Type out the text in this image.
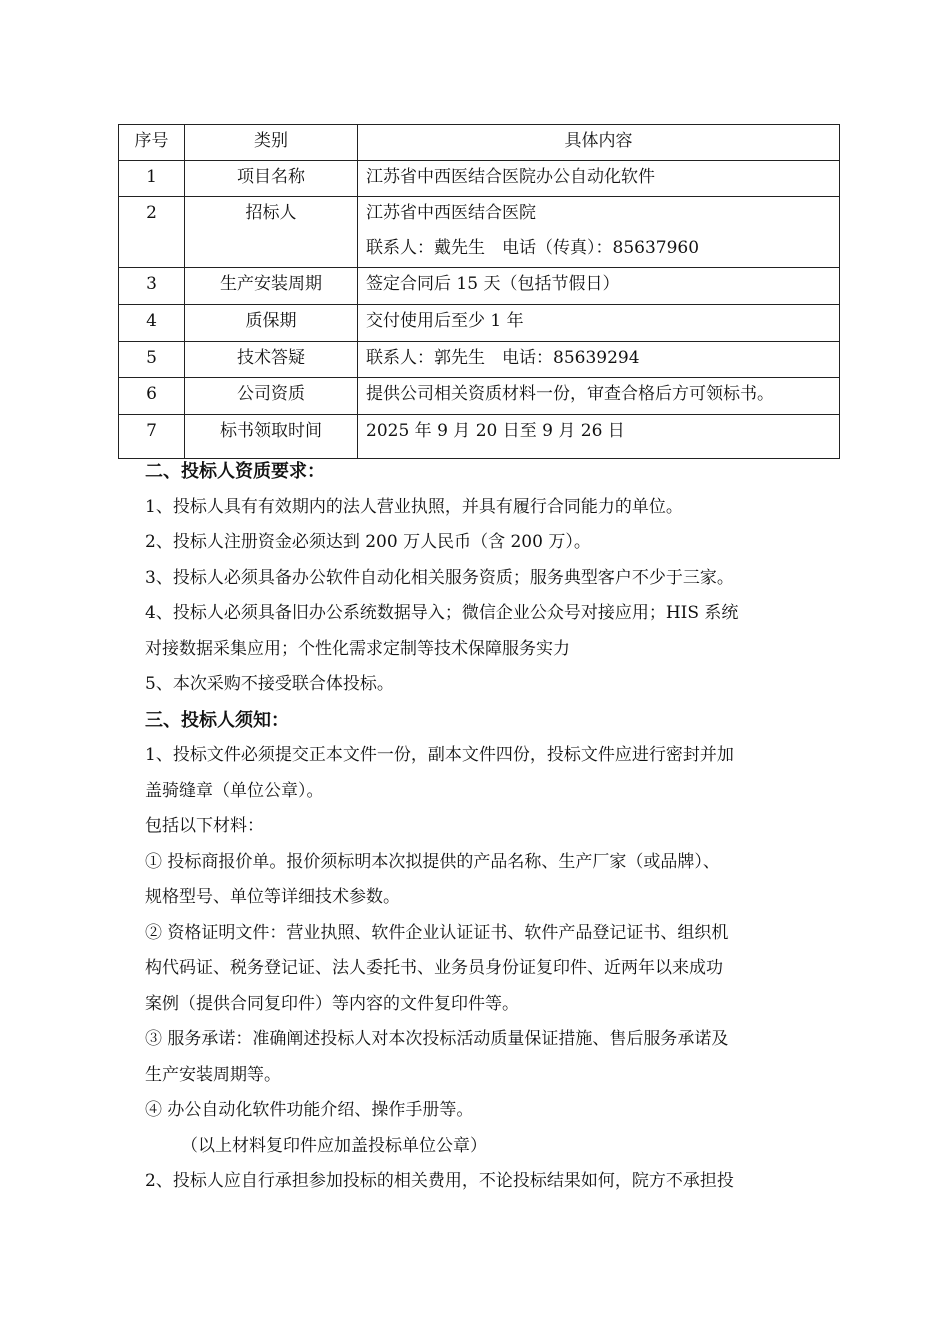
序号	类别	具体内容
1	项目名称	江苏省中西医结合医院办公自动化软件

2	招标人	江苏省中西医结合医院
联系人：戴先生　电话（传真）：85637960

3	生产安装周期	签定合同后 15 天（包括节假日）

4	质保期	交付使用后至少 1 年

5	技术答疑	联系人：郭先生　电话：85639294

6	公司资质	提供公司相关资质材料一份，审查合格后方可领标书。

7	标书领取时间	2025 年 9 月 20 日至 9 月 26 日
二、投标人资质要求：
1、投标人具有有效期内的法人营业执照，并具有履行合同能力的单位。
2、投标人注册资金必须达到 200 万人民币（含 200 万）。
3、投标人必须具备办公软件自动化相关服务资质；服务典型客户不少于三家。
4、投标人必须具备旧办公系统数据导入；微信企业公众号对接应用；HIS 系统
对接数据采集应用；个性化需求定制等技术保障服务实力
5、本次采购不接受联合体投标。
三、投标人须知：
1、投标文件必须提交正本文件一份，副本文件四份，投标文件应进行密封并加
盖骑缝章（单位公章）。
包括以下材料：
① 投标商报价单。报价须标明本次拟提供的产品名称、生产厂家（或品牌）、
规格型号、单位等详细技术参数。
② 资格证明文件：营业执照、软件企业认证证书、软件产品登记证书、组织机
构代码证、税务登记证、法人委托书、业务员身份证复印件、近两年以来成功
案例（提供合同复印件）等内容的文件复印件等。
③ 服务承诺：准确阐述投标人对本次投标活动质量保证措施、售后服务承诺及
生产安装周期等。
④ 办公自动化软件功能介绍、操作手册等。
（以上材料复印件应加盖投标单位公章）
2、投标人应自行承担参加投标的相关费用，不论投标结果如何，院方不承担投
